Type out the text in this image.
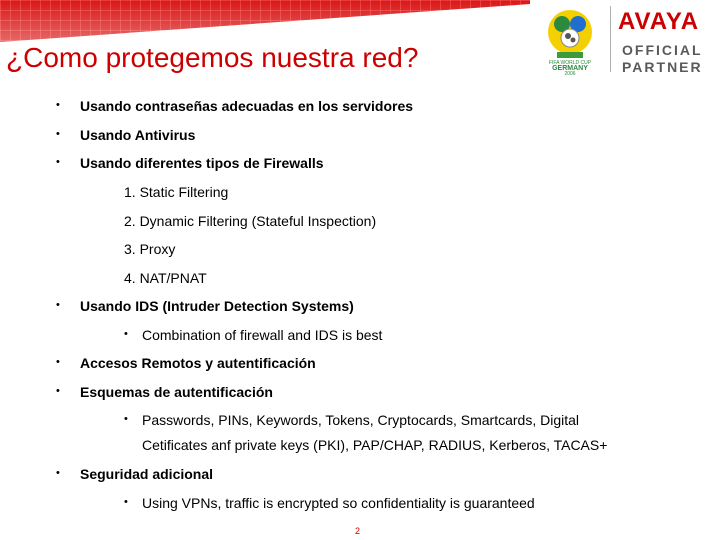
¿Como protegemos nuestra red?	FIFA WORLD CUP
GERMANY
2006
AVAYA
OFFICIAL
PARTNER
• Usando contraseñas adecuadas en los servidores
• Usando Antivirus
• Usando diferentes tipos de Firewalls
1. Static Filtering
2. Dynamic Filtering (Stateful Inspection)
3. Proxy
4. NAT/PNAT
• Usando IDS (Intruder Detection Systems)
• Combination of firewall and IDS is best
• Accesos Remotos y autentificación
• Esquemas de autentificación
• Passwords, PINs, Keywords, Tokens, Cryptocards, Smartcards, Digital
Cetificates anf private keys (PKI), PAP/CHAP, RADIUS, Kerberos, TACAS+
• Seguridad adicional
• Using VPNs, traffic is encrypted so confidentiality is guaranteed
2
